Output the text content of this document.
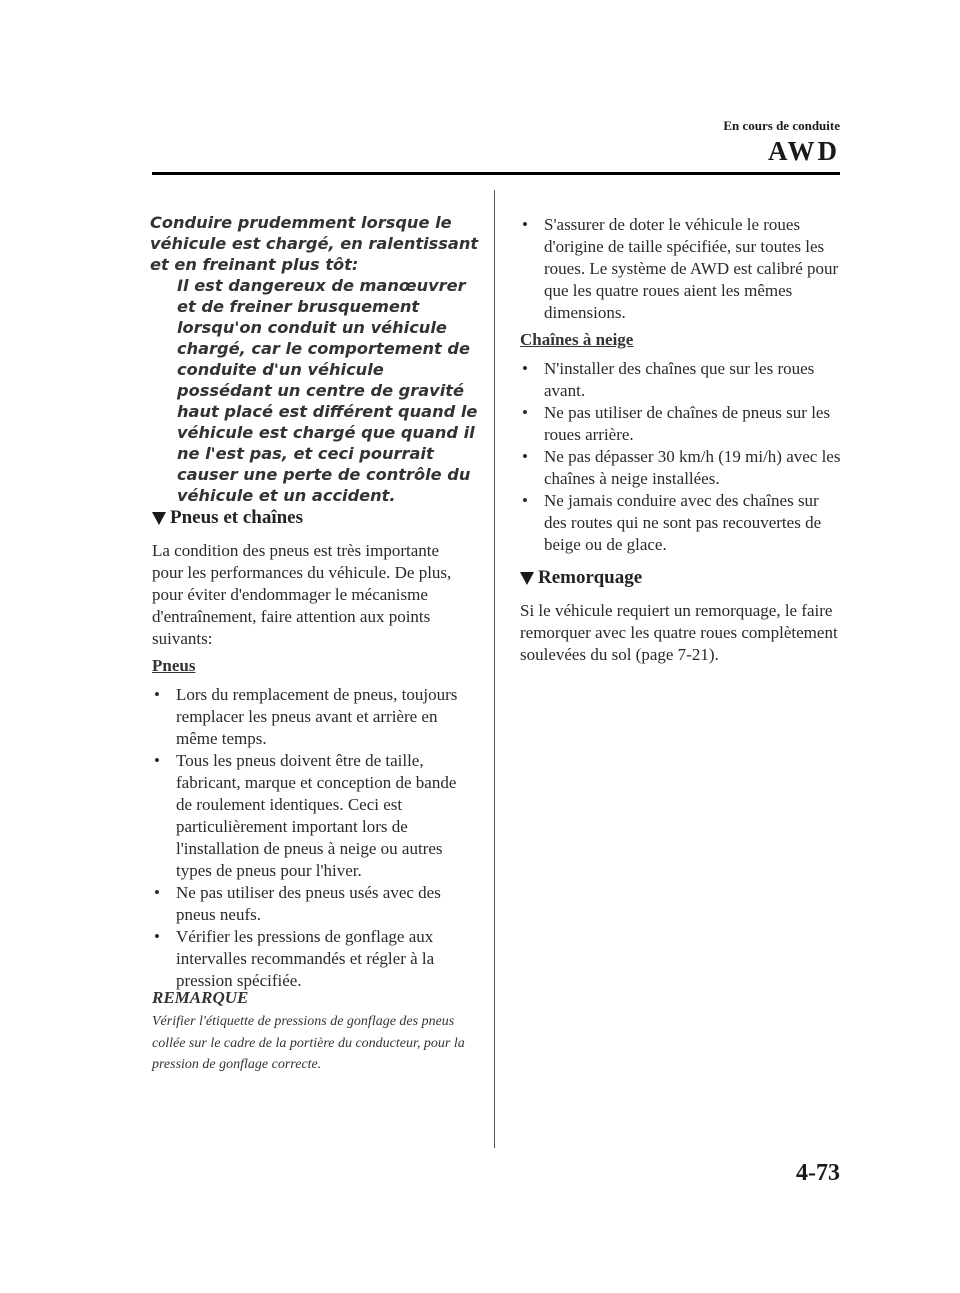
En cours de conduite
AWD
Conduire prudemment lorsque le véhicule est chargé, en ralentissant et en freinant plus tôt:
Il est dangereux de manœuvrer et de freiner brusquement lorsqu'on conduit un véhicule chargé, car le comportement de conduite d'un véhicule possédant un centre de gravité haut placé est différent quand le véhicule est chargé que quand il ne l'est pas, et ceci pourrait causer une perte de contrôle du véhicule et un accident.
Pneus et chaînes
La condition des pneus est très importante pour les performances du véhicule. De plus, pour éviter d'endommager le mécanisme d'entraînement, faire attention aux points suivants:
Pneus
• Lors du remplacement de pneus, toujours remplacer les pneus avant et arrière en même temps.
• Tous les pneus doivent être de taille, fabricant, marque et conception de bande de roulement identiques. Ceci est particulièrement important lors de l'installation de pneus à neige ou autres types de pneus pour l'hiver.
• Ne pas utiliser des pneus usés avec des pneus neufs.
• Vérifier les pressions de gonflage aux intervalles recommandés et régler à la pression spécifiée.
REMARQUE
Vérifier l'étiquette de pressions de gonflage des pneus collée sur le cadre de la portière du conducteur, pour la pression de gonflage correcte.
• S'assurer de doter le véhicule le roues d'origine de taille spécifiée, sur toutes les roues. Le système de AWD est calibré pour que les quatre roues aient les mêmes dimensions.
Chaînes à neige
• N'installer des chaînes que sur les roues avant.
• Ne pas utiliser de chaînes de pneus sur les roues arrière.
• Ne pas dépasser 30 km/h (19 mi/h) avec les chaînes à neige installées.
• Ne jamais conduire avec des chaînes sur des routes qui ne sont pas recouvertes de beige ou de glace.
Remorquage
Si le véhicule requiert un remorquage, le faire remorquer avec les quatre roues complètement soulevées du sol (page 7-21).
4-73
